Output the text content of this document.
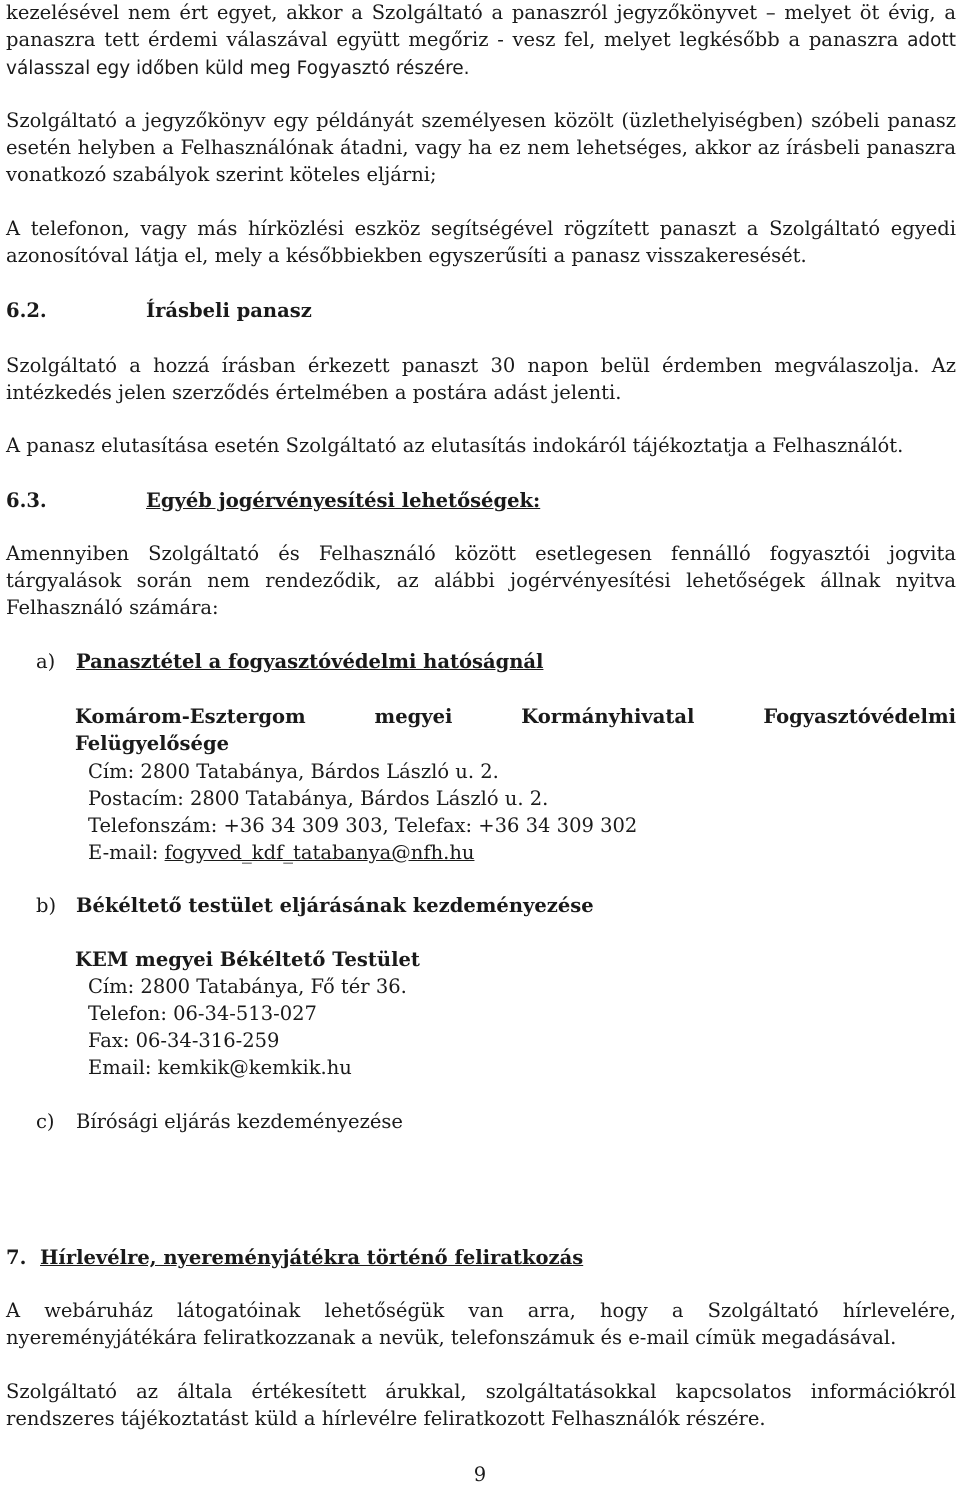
kezelésével nem ért egyet, akkor a Szolgáltató a panaszról jegyzőkönyvet – melyet öt évig, a panaszra tett érdemi válaszával együtt megőriz - vesz fel, melyet legkésőbb a panaszra adott válasszal egy időben küld meg Fogyasztó részére.

Szolgáltató a jegyzőkönyv egy példányát személyesen közölt (üzlethelyiségben) szóbeli panasz esetén helyben a Felhasználónak átadni, vagy ha ez nem lehetséges, akkor az írásbeli panaszra vonatkozó szabályok szerint köteles eljárni;

A telefonon, vagy más hírközlési eszköz segítségével rögzített panaszt a Szolgáltató egyedi azonosítóval látja el, mely a későbbiekben egyszerűsíti a panasz visszakeresését.

6.2.	Írásbeli panasz

Szolgáltató a hozzá írásban érkezett panaszt 30 napon belül érdemben megválaszolja. Az intézkedés jelen szerződés értelmében a postára adást jelenti.

A panasz elutasítása esetén Szolgáltató az elutasítás indokáról tájékoztatja a Felhasználót.

6.3.	Egyéb jogérvényesítési lehetőségek:

Amennyiben Szolgáltató és Felhasználó között esetlegesen fennálló fogyasztói jogvita tárgyalások során nem rendeződik, az alábbi jogérvényesítési lehetőségek állnak nyitva Felhasználó számára:

a) Panasztétel a fogyasztóvédelmi hatóságnál

Komárom-Esztergom megyei Kormányhivatal Fogyasztóvédelmi
Felügyelősége
Cím: 2800 Tatabánya, Bárdos László u. 2.
Postacím: 2800 Tatabánya, Bárdos László u. 2.
Telefonszám: +36 34 309 303, Telefax: +36 34 309 302
E-mail: fogyved_kdf_tatabanya@nfh.hu

b) Békéltető testület eljárásának kezdeményezése

KEM megyei Békéltető Testület

Cím: 2800 Tatabánya, Fő tér 36.
Telefon: 06-34-513-027
Fax: 06-34-316-259
Email: kemkik@kemkik.hu

c) Bírósági eljárás kezdeményezése

7. Hírlevélre, nyereményjátékra történő feliratkozás

A webáruház látogatóinak lehetőségük van arra, hogy a Szolgáltató hírlevelére, nyereményjátékára feliratkozzanak a nevük, telefonszámuk és e-mail címük megadásával.

Szolgáltató az általa értékesített árukkal, szolgáltatásokkal kapcsolatos információkról rendszeres tájékoztatást küld a hírlevélre feliratkozott Felhasználók részére.

9
